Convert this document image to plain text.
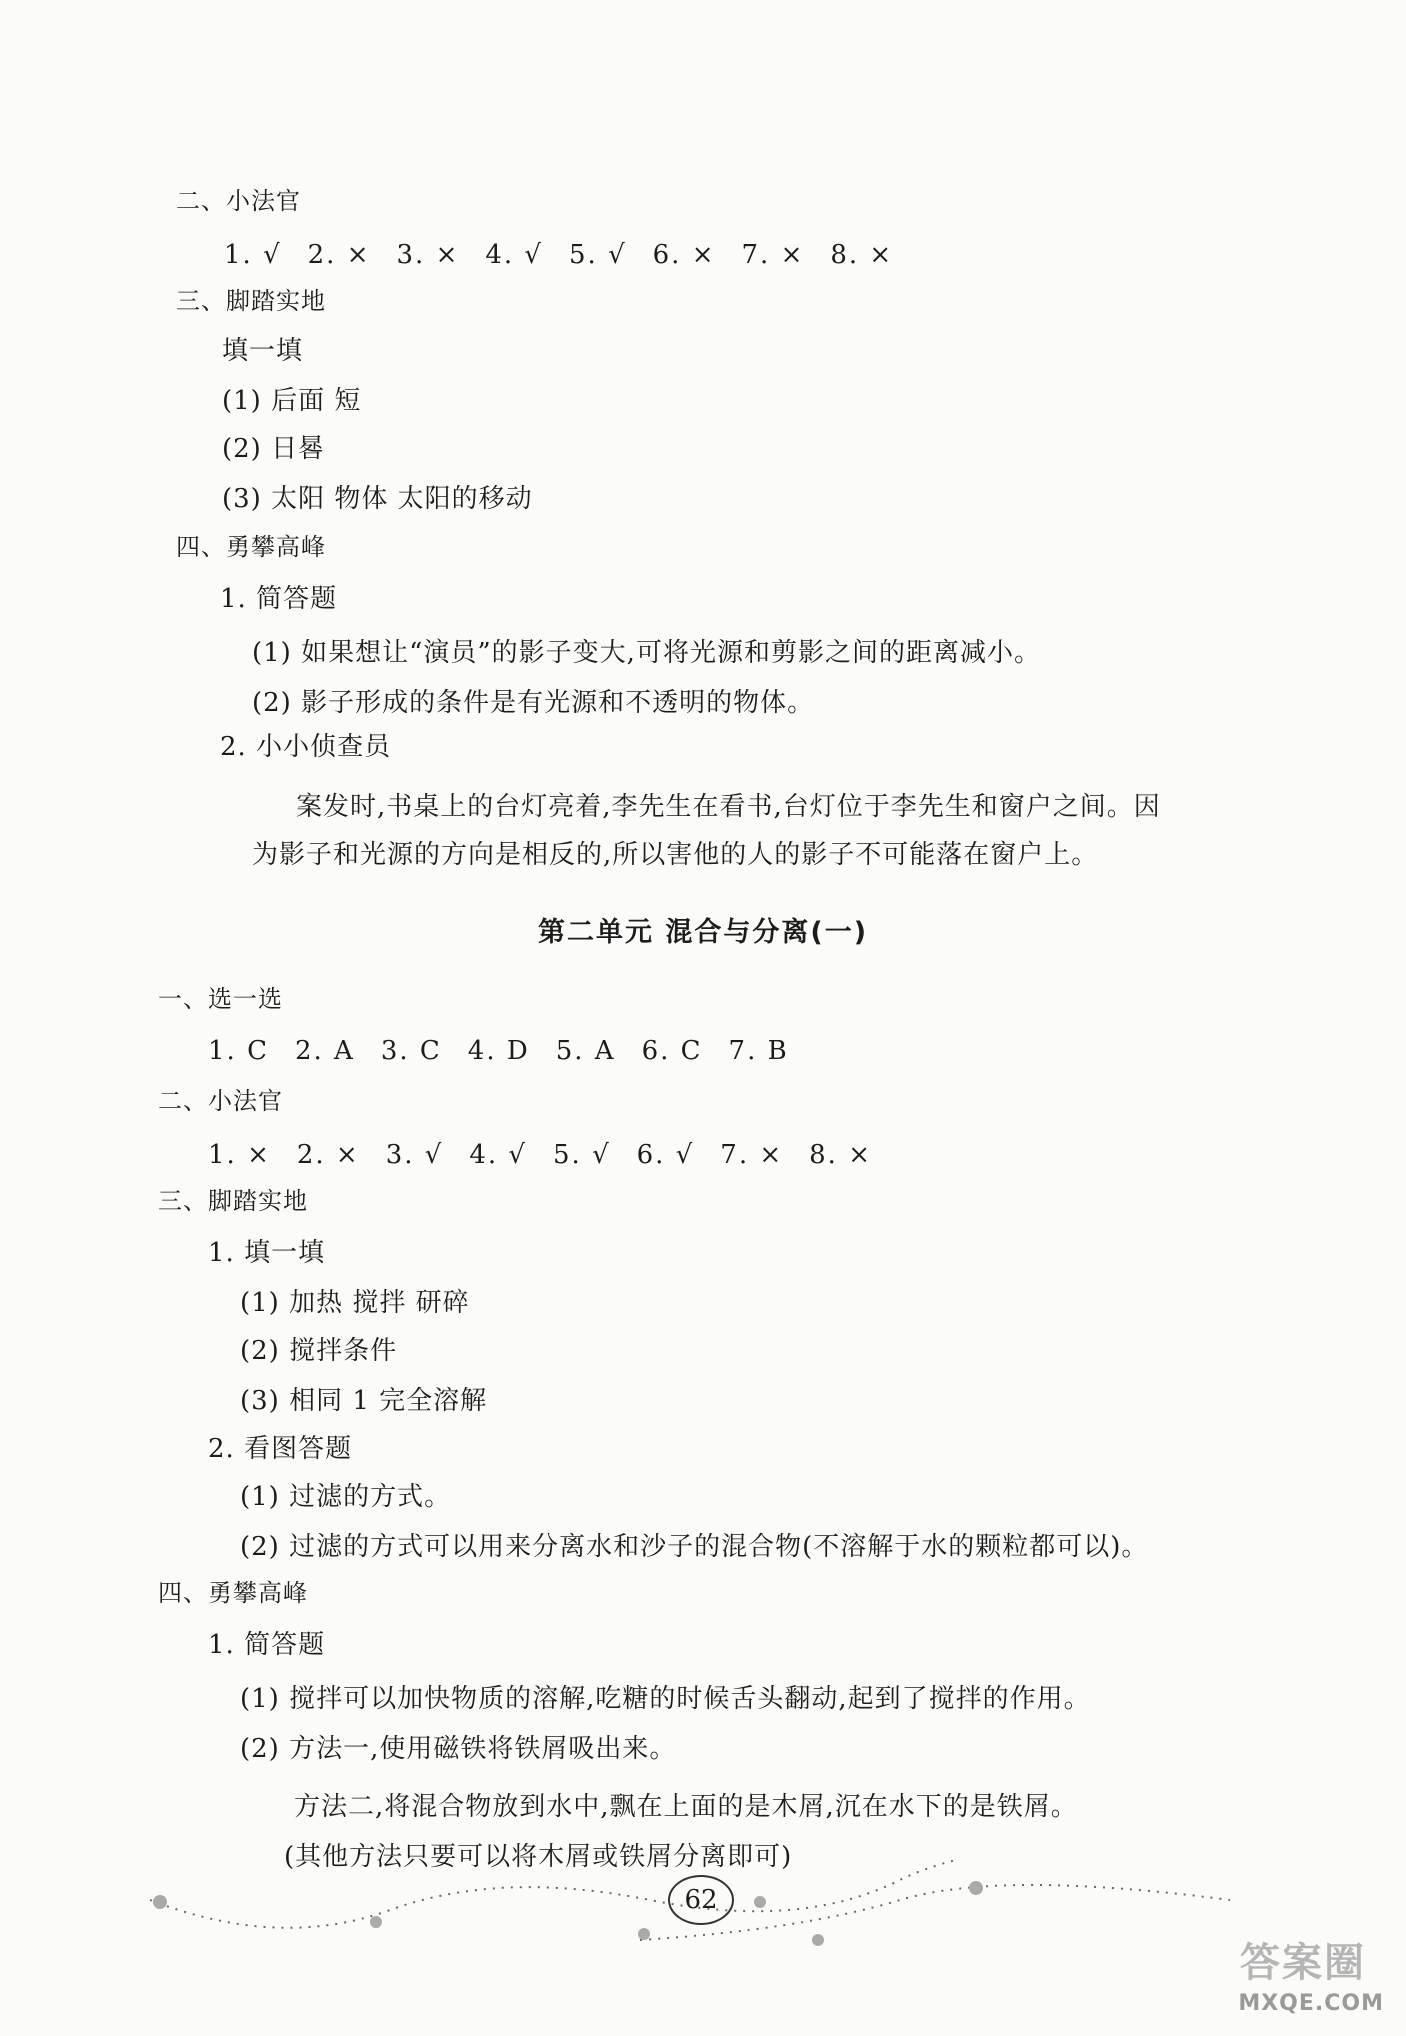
二、小法官
1. √ 2. × 3. × 4. √ 5. √ 6. × 7. × 8. ×
三、脚踏实地
填一填
(1) 后面 短
(2) 日晷
(3) 太阳 物体 太阳的移动
四、勇攀高峰
1. 简答题
(1) 如果想让“演员”的影子变大,可将光源和剪影之间的距离减小。
(2) 影子形成的条件是有光源和不透明的物体。
2. 小小侦查员
案发时,书桌上的台灯亮着,李先生在看书,台灯位于李先生和窗户之间。因
为影子和光源的方向是相反的,所以害他的人的影子不可能落在窗户上。
第二单元 混合与分离(一)
一、选一选
1. C 2. A 3. C 4. D 5. A 6. C 7. B
二、小法官
1. × 2. × 3. √ 4. √ 5. √ 6. √ 7. × 8. ×
三、脚踏实地
1. 填一填
(1) 加热 搅拌 研碎
(2) 搅拌条件
(3) 相同 1 完全溶解
2. 看图答题
(1) 过滤的方式。
(2) 过滤的方式可以用来分离水和沙子的混合物(不溶解于水的颗粒都可以)。
四、勇攀高峰
1. 简答题
(1) 搅拌可以加快物质的溶解,吃糖的时候舌头翻动,起到了搅拌的作用。
(2) 方法一,使用磁铁将铁屑吸出来。
方法二,将混合物放到水中,飘在上面的是木屑,沉在水下的是铁屑。
(其他方法只要可以将木屑或铁屑分离即可)
62
答案圈
MXQE.COM
